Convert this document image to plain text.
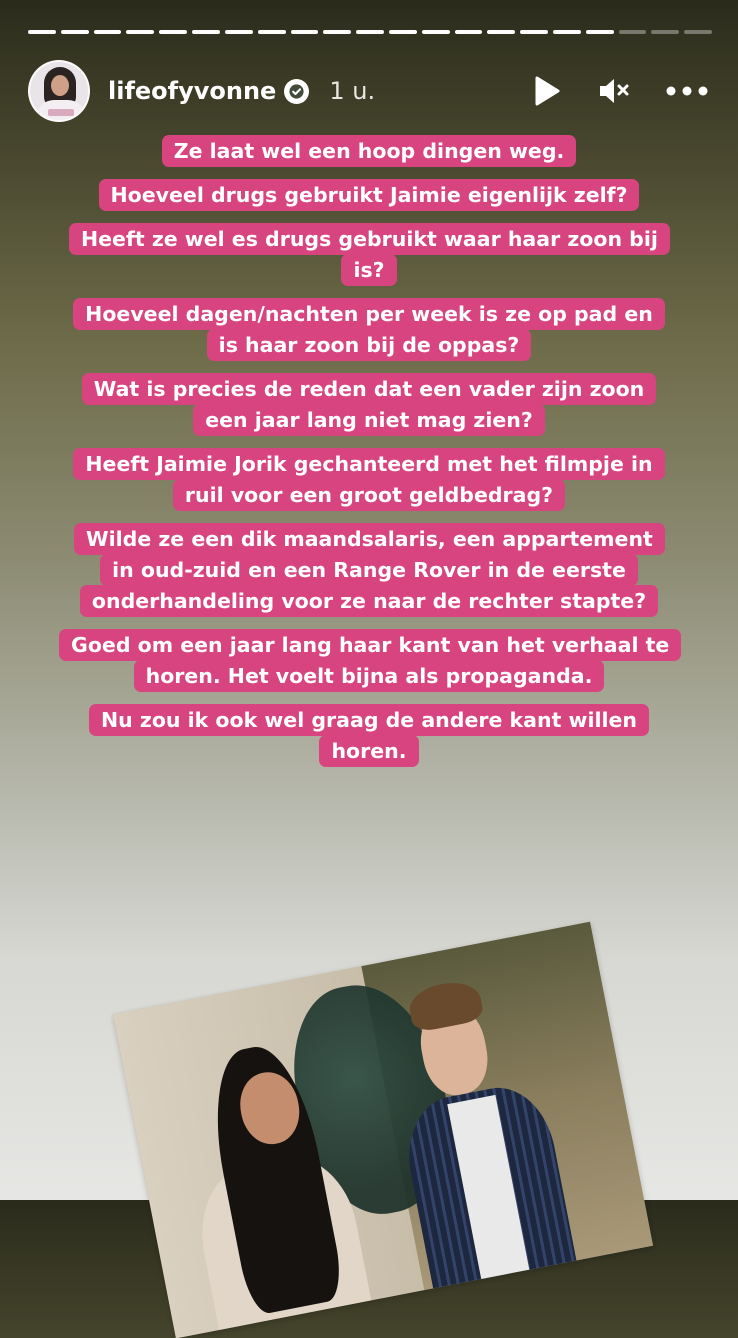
lifeofyvonne 1 u.
Ze laat wel een hoop dingen weg.
Hoeveel drugs gebruikt Jaimie eigenlijk zelf?
Heeft ze wel es drugs gebruikt waar haar zoon bij is?
Hoeveel dagen/nachten per week is ze op pad en is haar zoon bij de oppas?
Wat is precies de reden dat een vader zijn zoon een jaar lang niet mag zien?
Heeft Jaimie Jorik gechanteerd met het filmpje in ruil voor een groot geldbedrag?
Wilde ze een dik maandsalaris, een appartement in oud-zuid en een Range Rover in de eerste onderhandeling voor ze naar de rechter stapte?
Goed om een jaar lang haar kant van het verhaal te horen. Het voelt bijna als propaganda.
Nu zou ik ook wel graag de andere kant willen horen.
